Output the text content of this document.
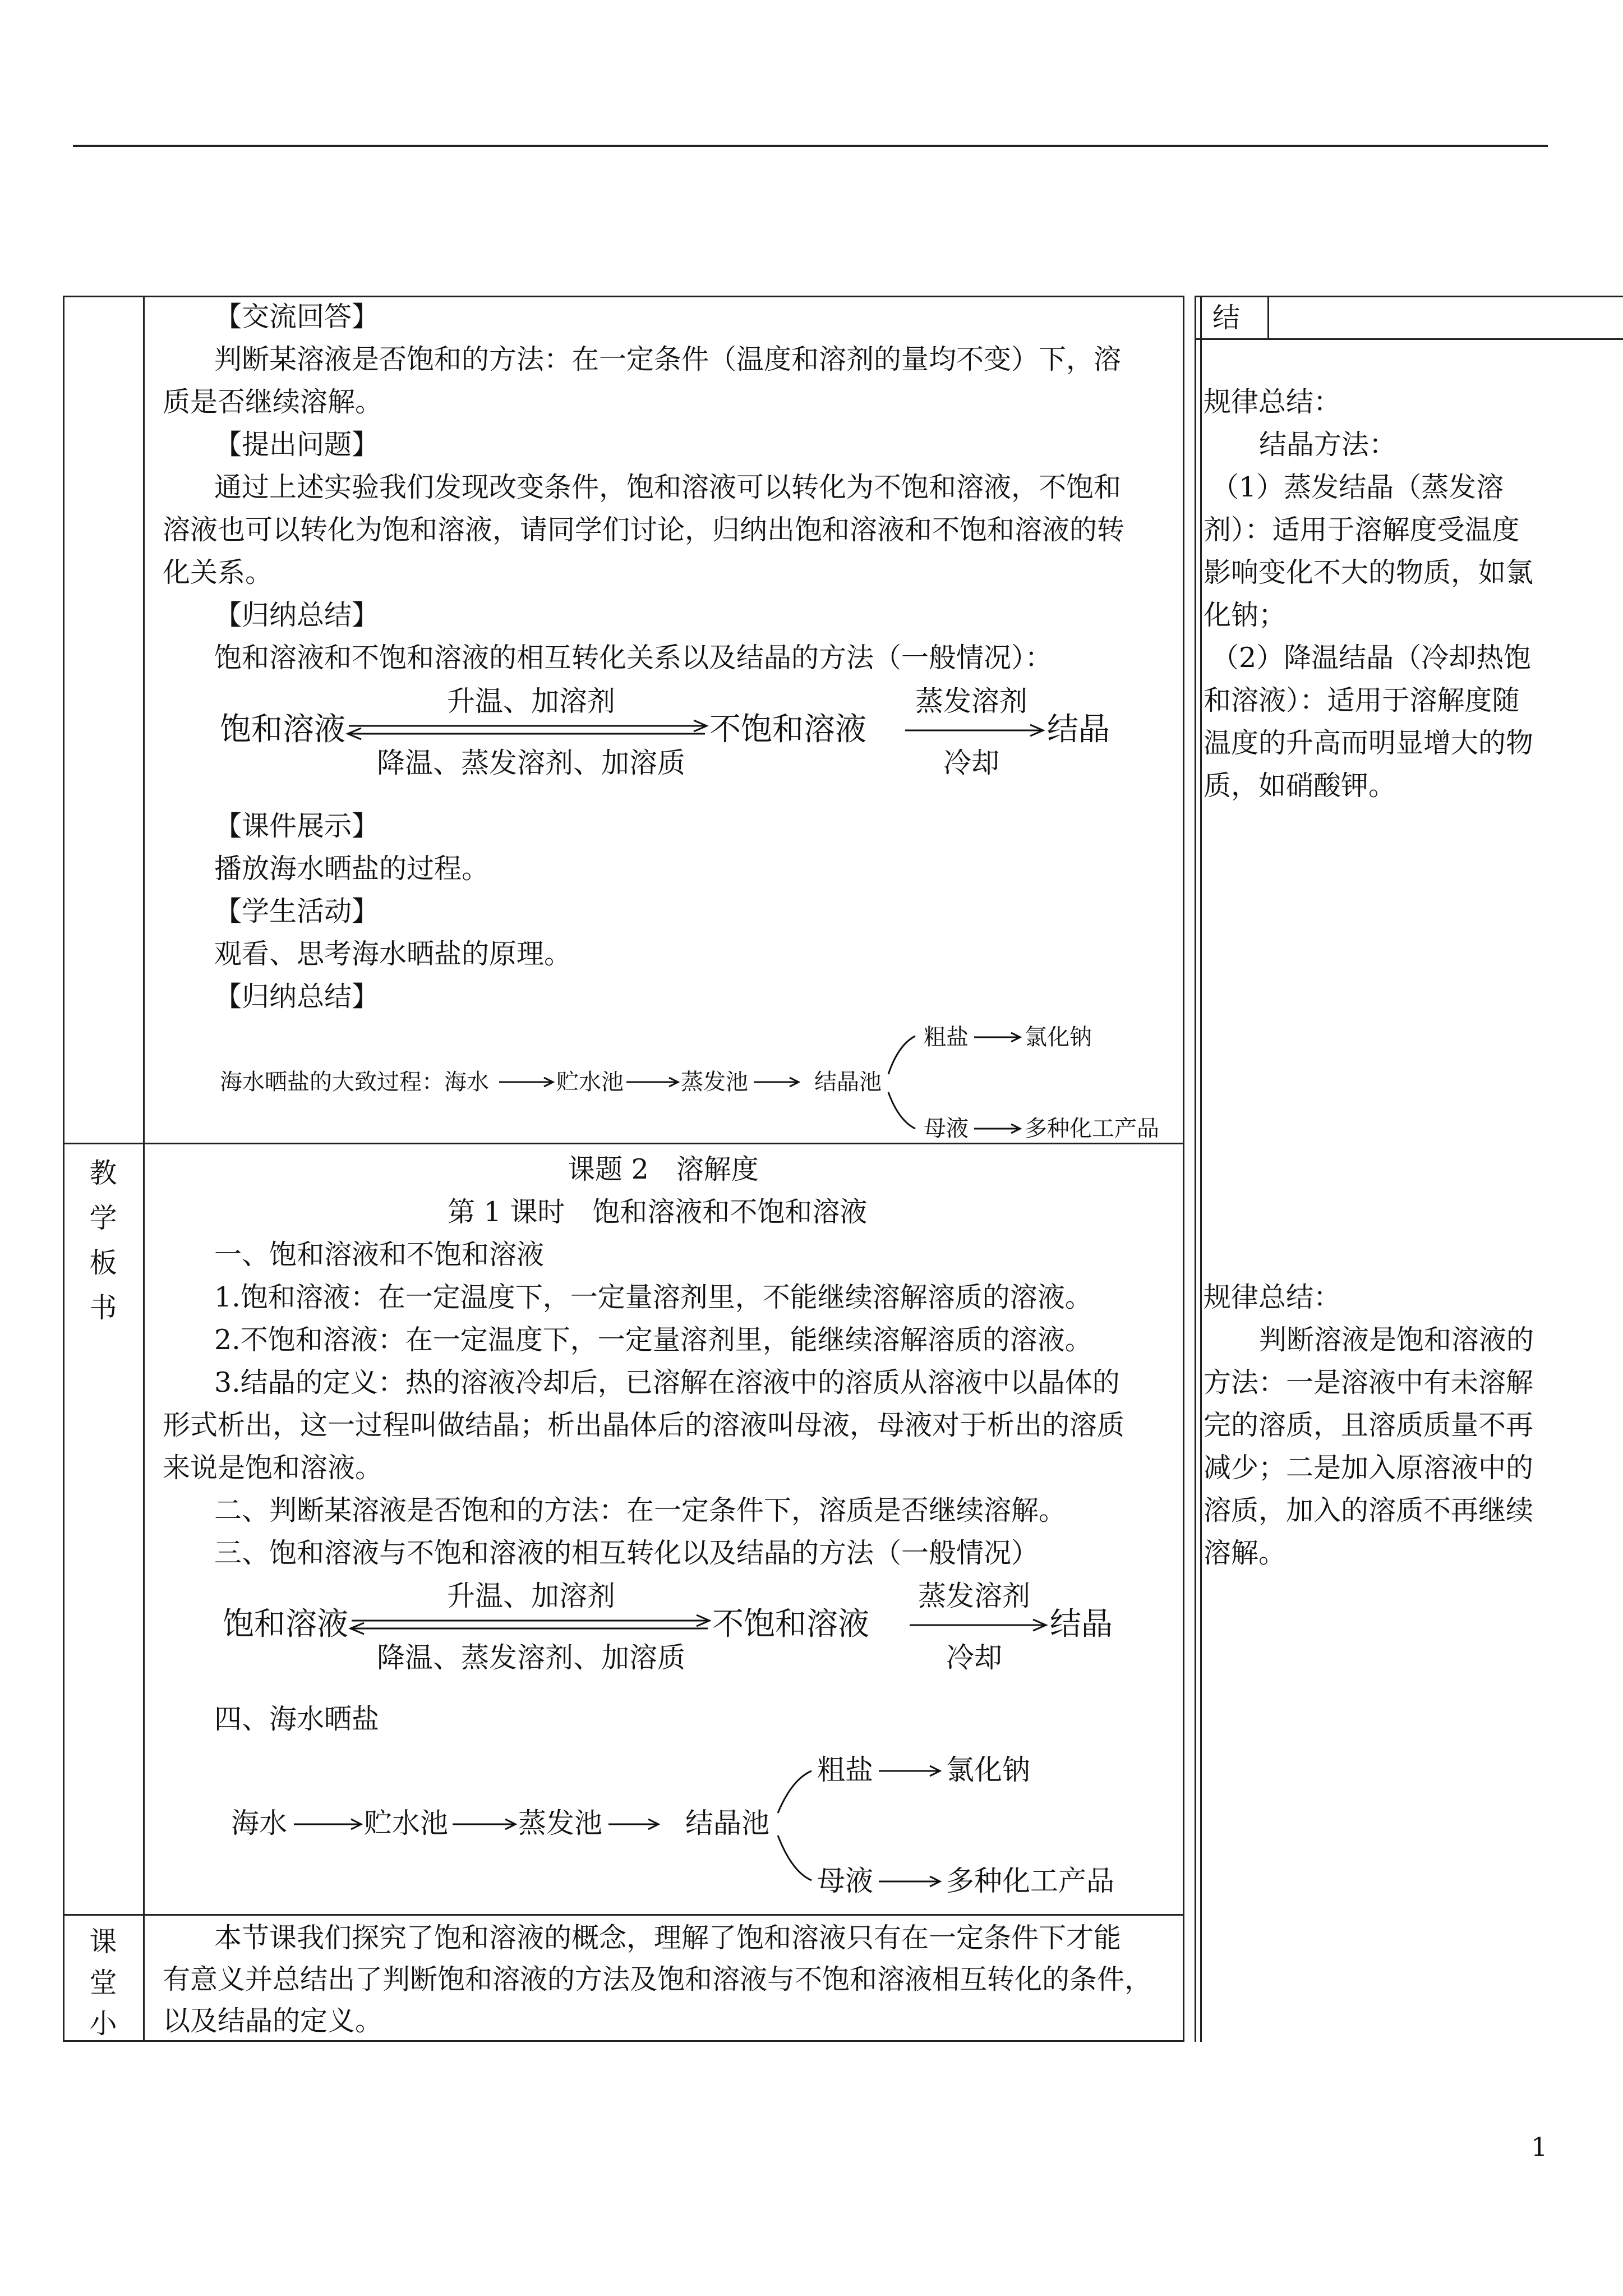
【交流回答】
判断某溶液是否饱和的方法：在一定条件（温度和溶剂的量均不变）下，溶
质是否继续溶解。
【提出问题】
通过上述实验我们发现改变条件，饱和溶液可以转化为不饱和溶液，不饱和
溶液也可以转化为饱和溶液，请同学们讨论，归纳出饱和溶液和不饱和溶液的转
化关系。
【归纳总结】
饱和溶液和不饱和溶液的相互转化关系以及结晶的方法（一般情况）：
饱和溶液
升温、加溶剂
降温、蒸发溶剂、加溶质
不饱和溶液
蒸发溶剂
冷却
结晶
【课件展示】
播放海水晒盐的过程。
【学生活动】
观看、思考海水晒盐的原理。
【归纳总结】
海水晒盐的大致过程：海水	贮水池	蒸发池	结晶池
粗盐	氯化钠
母液	多种化工产品
教
学
板
书
课题 2　溶解度
第 1 课时　饱和溶液和不饱和溶液
一、饱和溶液和不饱和溶液
1.饱和溶液：在一定温度下，一定量溶剂里，不能继续溶解溶质的溶液。
2.不饱和溶液：在一定温度下，一定量溶剂里，能继续溶解溶质的溶液。
3.结晶的定义：热的溶液冷却后，已溶解在溶液中的溶质从溶液中以晶体的
形式析出，这一过程叫做结晶；析出晶体后的溶液叫母液，母液对于析出的溶质
来说是饱和溶液。
二、判断某溶液是否饱和的方法：在一定条件下，溶质是否继续溶解。
三、饱和溶液与不饱和溶液的相互转化以及结晶的方法（一般情况）
饱和溶液
升温、加溶剂
降温、蒸发溶剂、加溶质
不饱和溶液
蒸发溶剂
冷却
结晶
四、海水晒盐
海水	贮水池	蒸发池	结晶池
粗盐	氯化钠
母液	多种化工产品
课
堂
小
本节课我们探究了饱和溶液的概念，理解了饱和溶液只有在一定条件下才能
有意义并总结出了判断饱和溶液的方法及饱和溶液与不饱和溶液相互转化的条件，
以及结晶的定义。
结
规律总结：
结晶方法：
（1）蒸发结晶（蒸发溶
剂）：适用于溶解度受温度
影响变化不大的物质，如氯
化钠；
（2）降温结晶（冷却热饱
和溶液）：适用于溶解度随
温度的升高而明显增大的物
质，如硝酸钾。
规律总结：
判断溶液是饱和溶液的
方法：一是溶液中有未溶解
完的溶质，且溶质质量不再
减少；二是加入原溶液中的
溶质，加入的溶质不再继续
溶解。
1
